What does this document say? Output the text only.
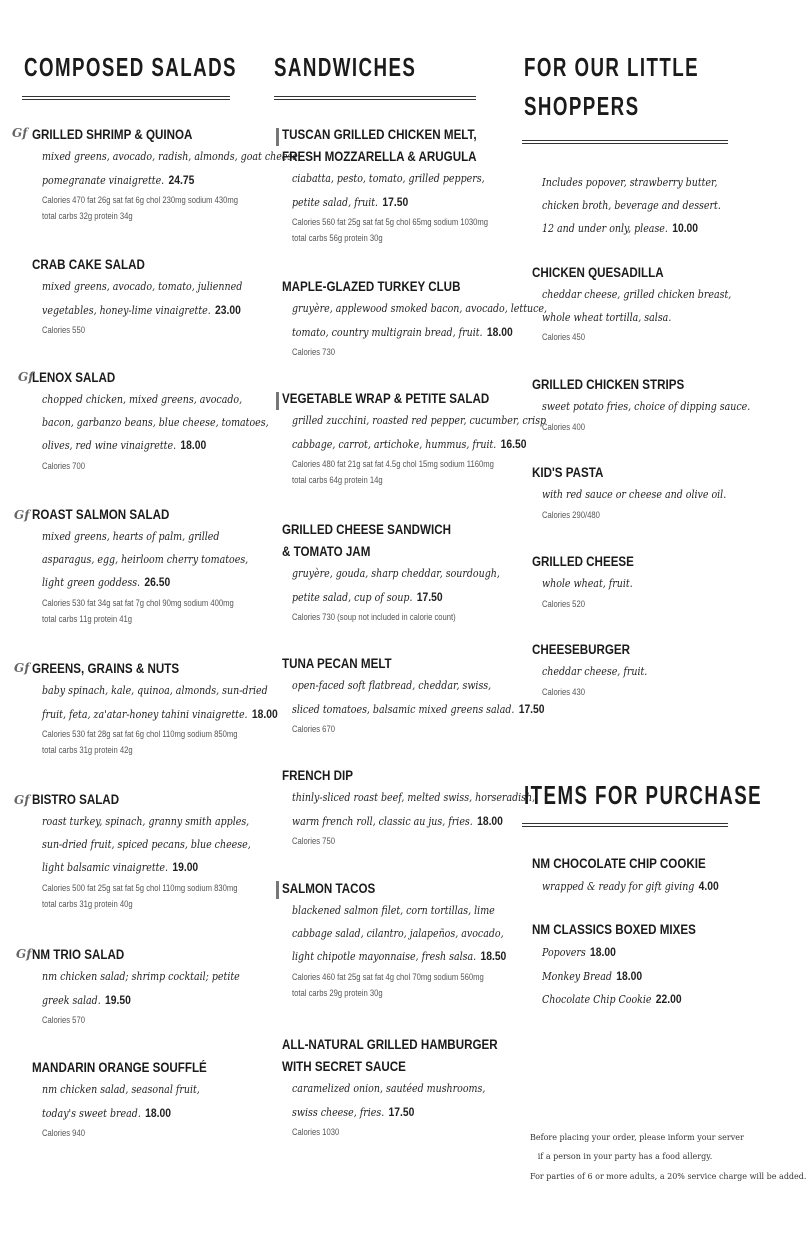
COMPOSED SALADS
Gf GRILLED SHRIMP & QUINOA
mixed greens, avocado, radish, almonds, goat cheese,
pomegranate vinaigrette. 24.75
Calories 470 fat 26g sat fat 6g chol 230mg sodium 430mg
total carbs 32g protein 34g
CRAB CAKE SALAD
mixed greens, avocado, tomato, julienned
vegetables, honey-lime vinaigrette. 23.00
Calories 550
Gf
LENOX SALAD
chopped chicken, mixed greens, avocado,
bacon, garbanzo beans, blue cheese, tomatoes,
olives, red wine vinaigrette. 18.00
Calories 700
Gf ROAST SALMON SALAD
mixed greens, hearts of palm, grilled
asparagus, egg, heirloom cherry tomatoes,
light green goddess. 26.50
Calories 530 fat 34g sat fat 7g chol 90mg sodium 400mg
total carbs 11g protein 41g
Gf GREENS, GRAINS & NUTS
baby spinach, kale, quinoa, almonds, sun-dried
fruit, feta, za'atar-honey tahini vinaigrette. 18.00
Calories 530 fat 28g sat fat 6g chol 110mg sodium 850mg
total carbs 31g protein 42g
Gf BISTRO SALAD
roast turkey, spinach, granny smith apples,
sun-dried fruit, spiced pecans, blue cheese,
light balsamic vinaigrette. 19.00
Calories 500 fat 25g sat fat 5g chol 110mg sodium 830mg
total carbs 31g protein 40g
Gf NM TRIO SALAD
nm chicken salad; shrimp cocktail; petite
greek salad. 19.50
Calories 570
MANDARIN ORANGE SOUFFLÉ
nm chicken salad, seasonal fruit,
today's sweet bread. 18.00
Calories 940
SANDWICHES
TUSCAN GRILLED CHICKEN MELT,
FRESH MOZZARELLA & ARUGULA
ciabatta, pesto, tomato, grilled peppers,
petite salad, fruit. 17.50
Calories 560 fat 25g sat fat 5g chol 65mg sodium 1030mg
total carbs 56g protein 30g
MAPLE-GLAZED TURKEY CLUB
gruyère, applewood smoked bacon, avocado, lettuce,
tomato, country multigrain bread, fruit. 18.00
Calories 730
VEGETABLE WRAP & PETITE SALAD
grilled zucchini, roasted red pepper, cucumber, crisp
cabbage, carrot, artichoke, hummus, fruit. 16.50
Calories 480 fat 21g sat fat 4.5g chol 15mg sodium 1160mg
total carbs 64g protein 14g
GRILLED CHEESE SANDWICH
& TOMATO JAM
gruyère, gouda, sharp cheddar, sourdough,
petite salad, cup of soup. 17.50
Calories 730 (soup not included in calorie count)
TUNA PECAN MELT
open-faced soft flatbread, cheddar, swiss,
sliced tomatoes, balsamic mixed greens salad. 17.50
Calories 670
FRENCH DIP
thinly-sliced roast beef, melted swiss, horseradish,
warm french roll, classic au jus, fries. 18.00
Calories 750
SALMON TACOS
blackened salmon filet, corn tortillas, lime
cabbage salad, cilantro, jalapeños, avocado,
light chipotle mayonnaise, fresh salsa. 18.50
Calories 460 fat 25g sat fat 4g chol 70mg sodium 560mg
total carbs 29g protein 30g
ALL-NATURAL GRILLED HAMBURGER
WITH SECRET SAUCE
caramelized onion, sautéed mushrooms,
swiss cheese, fries. 17.50
Calories 1030
FOR OUR LITTLE
SHOPPERS
Includes popover, strawberry butter,
chicken broth, beverage and dessert.
12 and under only, please. 10.00
CHICKEN QUESADILLA
cheddar cheese, grilled chicken breast,
whole wheat tortilla, salsa.
Calories 450
GRILLED CHICKEN STRIPS
sweet potato fries, choice of dipping sauce.
Calories 400
KID'S PASTA
with red sauce or cheese and olive oil.
Calories 290/480
GRILLED CHEESE
whole wheat, fruit.
Calories 520
CHEESEBURGER
cheddar cheese, fruit.
Calories 430
ITEMS FOR PURCHASE
NM CHOCOLATE CHIP COOKIE
wrapped & ready for gift giving 4.00
NM CLASSICS BOXED MIXES
Popovers 18.00
Monkey Bread 18.00
Chocolate Chip Cookie 22.00
Before placing your order, please inform your server
if a person in your party has a food allergy.
For parties of 6 or more adults, a 20% service charge will be added.
